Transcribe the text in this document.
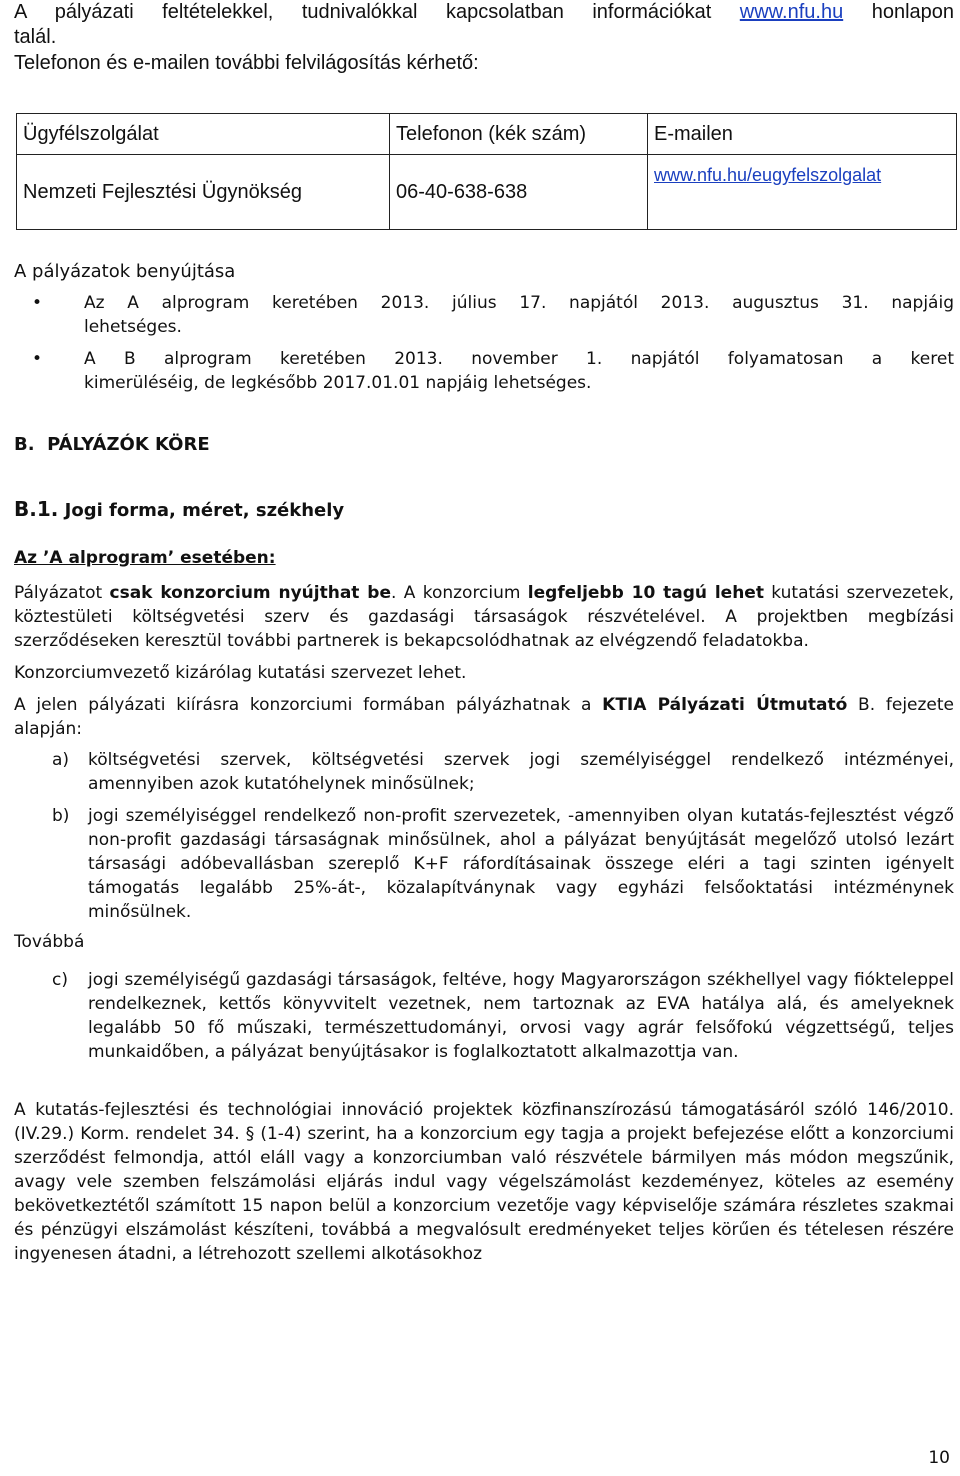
A pályázati feltételekkel, tudnivalókkal kapcsolatban információkat www.nfu.hu honlapon

talál.

Telefonon és e-mailen további felvilágosítás kérhető:

Ügyfélszolgálat	Telefonon (kék szám)	E-mailen
Nemzeti Fejlesztési Ügynökség	06-40-638-638	www.nfu.hu/eugyfelszolgalat

A pályázatok benyújtása

• Az A alprogram keretében 2013. július 17. napjától 2013. augusztus 31. napjáig
lehetséges.
• A B alprogram keretében 2013. november 1. napjától folyamatosan a keret
kimerüléséig, de legkésőbb 2017.01.01 napjáig lehetséges.

B.  PÁLYÁZÓK KÖRE

B.1. Jogi forma, méret, székhely

Az ’A alprogram’ esetében:

Pályázatot csak konzorcium nyújthat be. A konzorcium legfeljebb 10 tagú lehet kutatási szervezetek, köztestületi költségvetési szerv és gazdasági társaságok részvételével. A projektben megbízási szerződéseken keresztül további partnerek is bekapcsolódhatnak az elvégzendő feladatokba.

Konzorciumvezető kizárólag kutatási szervezet lehet.

A jelen pályázati kiírásra konzorciumi formában pályázhatnak a KTIA Pályázati Útmutató B. fejezete alapján:

a) költségvetési szervek, költségvetési szervek jogi személyiséggel rendelkező intézményei, amennyiben azok kutatóhelynek minősülnek;
b) jogi személyiséggel rendelkező non-profit szervezetek, -amennyiben olyan kutatás-fejlesztést végző non-profit gazdasági társaságnak minősülnek, ahol a pályázat benyújtását megelőző utolsó lezárt társasági adóbevallásban szereplő K+F ráfordításainak összege eléri a tagi szinten igényelt támogatás legalább 25%-át-, közalapítványnak vagy egyházi felsőoktatási intézménynek minősülnek.

Továbbá

c) jogi személyiségű gazdasági társaságok, feltéve, hogy Magyarországon székhellyel vagy fiókteleppel rendelkeznek, kettős könyvvitelt vezetnek, nem tartoznak az EVA hatálya alá, és amelyeknek legalább 50 fő műszaki, természettudományi, orvosi vagy agrár felsőfokú végzettségű, teljes munkaidőben, a pályázat benyújtásakor is foglalkoztatott alkalmazottja van.

A kutatás-fejlesztési és technológiai innováció projektek közfinanszírozású támogatásáról szóló 146/2010. (IV.29.) Korm. rendelet 34. § (1-4) szerint, ha a konzorcium egy tagja a projekt befejezése előtt a konzorciumi szerződést felmondja, attól eláll vagy a konzorciumban való részvétele bármilyen más módon megszűnik, avagy vele szemben felszámolási eljárás indul vagy végelszámolást kezdeményez, köteles az esemény bekövetkeztétől számított 15 napon belül a konzorcium vezetője vagy képviselője számára részletes szakmai és pénzügyi elszámolást készíteni, továbbá a megvalósult eredményeket teljes körűen és tételesen részére ingyenesen átadni, a létrehozott szellemi alkotásokhoz

10
